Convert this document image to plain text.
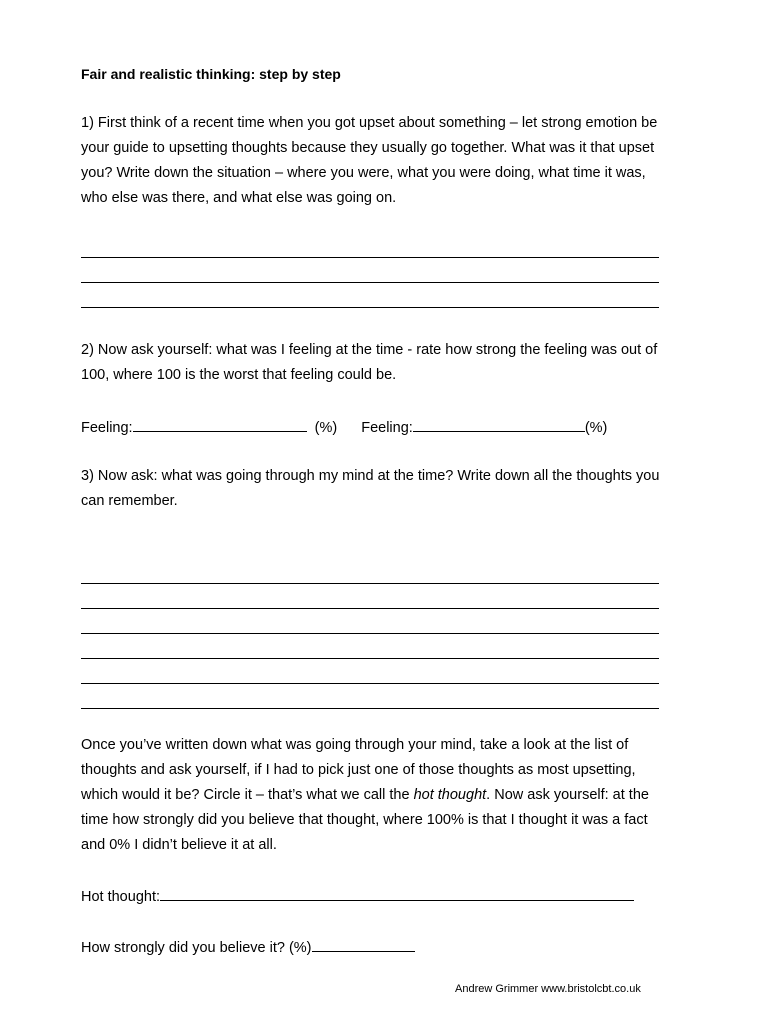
Fair and realistic thinking: step by step
1) First think of a recent time when you got upset about something – let strong emotion be your guide to upsetting thoughts because they usually go together. What was it that upset you? Write down the situation – where you were, what you were doing, what time it was, who else was there, and what else was going on.
2) Now ask yourself: what was I feeling at the time - rate how strong the feeling was out of 100, where 100 is the worst that feeling could be.
Feeling:	(%) Feeling:	(%)
3) Now ask: what was going through my mind at the time? Write down all the thoughts you can remember.
Once you’ve written down what was going through your mind, take a look at the list of thoughts and ask yourself, if I had to pick just one of those thoughts as most upsetting, which would it be? Circle it – that’s what we call the hot thought. Now ask yourself: at the time how strongly did you believe that thought, where 100% is that I thought it was a fact and 0% I didn’t believe it at all.
Hot thought:
How strongly did you believe it? (%)
Andrew Grimmer www.bristolcbt.co.uk
